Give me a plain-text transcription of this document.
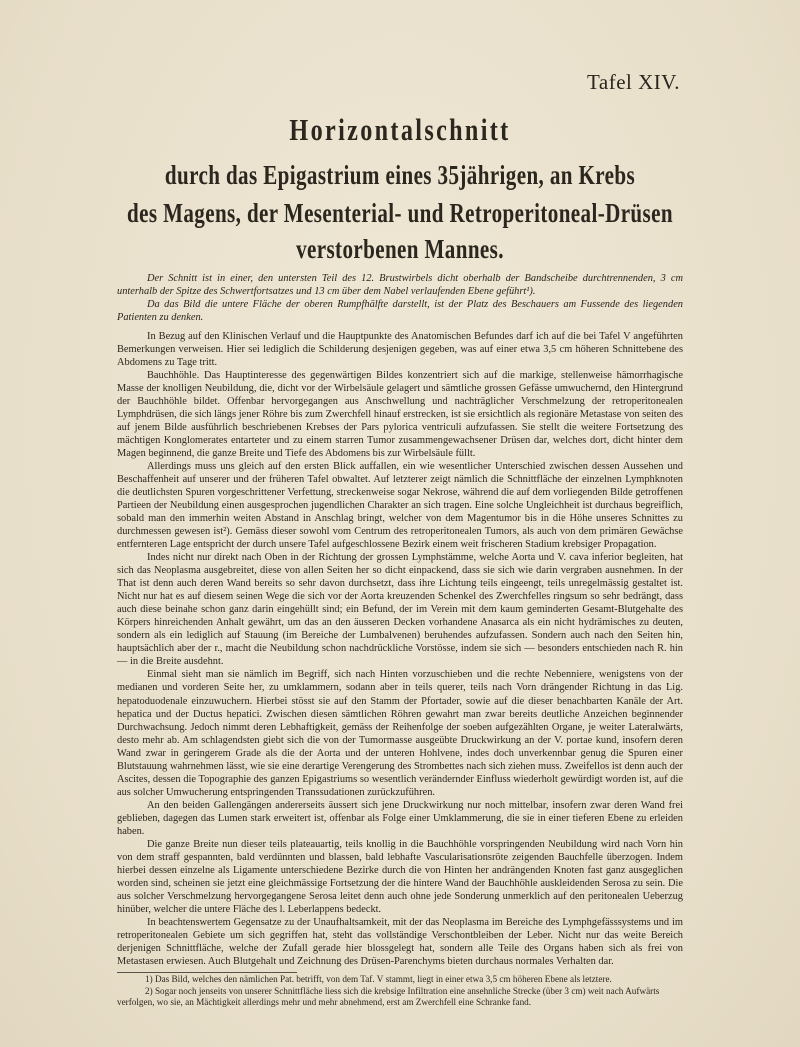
Tafel XIV.
Horizontalschnitt
durch das Epigastrium eines 35jährigen, an Krebs
des Magens, der Mesenterial- und Retroperitoneal-Drüsen
verstorbenen Mannes.

Der Schnitt ist in einer, den untersten Teil des 12. Brustwirbels dicht oberhalb der Bandscheibe durchtrennenden, 3 cm unterhalb der Spitze des Schwertfortsatzes und 13 cm über dem Nabel verlaufenden Ebene geführt¹).

Da das Bild die untere Fläche der oberen Rumpfhälfte darstellt, ist der Platz des Beschauers am Fussende des liegenden Patienten zu denken.

In Bezug auf den Klinischen Verlauf und die Hauptpunkte des Anatomischen Befundes darf ich auf die bei Tafel V angeführten Bemerkungen verweisen. Hier sei lediglich die Schilderung desjenigen gegeben, was auf einer etwa 3,5 cm höheren Schnittebene des Abdomens zu Tage tritt.

Bauchhöhle. Das Hauptinteresse des gegenwärtigen Bildes konzentriert sich auf die markige, stellenweise hämorrhagische Masse der knolligen Neubildung, die, dicht vor der Wirbelsäule gelagert und sämtliche grossen Gefässe umwuchernd, den Hintergrund der Bauchhöhle bildet. Offenbar hervorgegangen aus Anschwellung und nachträglicher Verschmelzung der retroperitonealen Lymphdrüsen, die sich längs jener Röhre bis zum Zwerchfell hinauf erstrecken, ist sie ersichtlich als regionäre Metastase von seiten des auf jenem Bilde ausführlich beschriebenen Krebses der Pars pylorica ventriculi aufzufassen. Sie stellt die weitere Fortsetzung des mächtigen Konglomerates entarteter und zu einem starren Tumor zusammengewachsener Drüsen dar, welches dort, dicht hinter dem Magen beginnend, die ganze Breite und Tiefe des Abdomens bis zur Wirbelsäule füllt.

Allerdings muss uns gleich auf den ersten Blick auffallen, ein wie wesentlicher Unterschied zwischen dessen Aussehen und Beschaffenheit auf unserer und der früheren Tafel obwaltet. Auf letzterer zeigt nämlich die Schnittfläche der einzelnen Lymphknoten die deutlichsten Spuren vorgeschrittener Verfettung, streckenweise sogar Nekrose, während die auf dem vorliegenden Bilde getroffenen Partieen der Neubildung einen ausgesprochen jugendlichen Charakter an sich tragen. Eine solche Ungleichheit ist durchaus begreiflich, sobald man den immerhin weiten Abstand in Anschlag bringt, welcher von dem Magentumor bis in die Höhe unseres Schnittes zu durchmessen gewesen ist²). Gemäss dieser sowohl vom Centrum des retroperitonealen Tumors, als auch von dem primären Gewächse entfernteren Lage entspricht der durch unsere Tafel aufgeschlossene Bezirk einem weit frischeren Stadium krebsiger Propagation.

Indes nicht nur direkt nach Oben in der Richtung der grossen Lymphstämme, welche Aorta und V. cava inferior begleiten, hat sich das Neoplasma ausgebreitet, diese von allen Seiten her so dicht einpackend, dass sie sich wie darin vergraben ausnehmen. In der That ist denn auch deren Wand bereits so sehr davon durchsetzt, dass ihre Lichtung teils eingeengt, teils unregelmässig gestaltet ist. Nicht nur hat es auf diesem seinen Wege die sich vor der Aorta kreuzenden Schenkel des Zwerchfelles ringsum so sehr bedrängt, dass auch diese beinahe schon ganz darin eingehüllt sind; ein Befund, der im Verein mit dem kaum geminderten Gesamt-Blutgehalte des Körpers hinreichenden Anhalt gewährt, um das an den äusseren Decken vorhandene Anasarca als ein nicht hydrämisches zu deuten, sondern als ein lediglich auf Stauung (im Bereiche der Lumbalvenen) beruhendes aufzufassen. Sondern auch nach den Seiten hin, hauptsächlich aber der r., macht die Neubildung schon nachdrückliche Vorstösse, indem sie sich — besonders entschieden nach R. hin — in die Breite ausdehnt.

Einmal sieht man sie nämlich im Begriff, sich nach Hinten vorzuschieben und die rechte Nebenniere, wenigstens von der medianen und vorderen Seite her, zu umklammern, sodann aber in teils querer, teils nach Vorn drängender Richtung in das Lig. hepatoduodenale einzuwuchern. Hierbei stösst sie auf den Stamm der Pfortader, sowie auf die dieser benachbarten Kanäle der Art. hepatica und der Ductus hepatici. Zwischen diesen sämtlichen Röhren gewahrt man zwar bereits deutliche Anzeichen beginnender Durchwachsung. Jedoch nimmt deren Lebhaftigkeit, gemäss der Reihenfolge der soeben aufgezählten Organe, je weiter Lateralwärts, desto mehr ab. Am schlagendsten giebt sich die von der Tumormasse ausgeübte Druckwirkung an der V. portae kund, insofern deren Wand zwar in geringerem Grade als die der Aorta und der unteren Hohlvene, indes doch unverkennbar genug die Spuren einer Blutstauung wahrnehmen lässt, wie sie eine derartige Verengerung des Strombettes nach sich ziehen muss. Zweifellos ist denn auch der Ascites, dessen die Topographie des ganzen Epigastriums so wesentlich verändernder Einfluss wiederholt gewürdigt worden ist, auf die aus solcher Umwucherung entspringenden Transsudationen zurückzuführen.

An den beiden Gallengängen andererseits äussert sich jene Druckwirkung nur noch mittelbar, insofern zwar deren Wand frei geblieben, dagegen das Lumen stark erweitert ist, offenbar als Folge einer Umklammerung, die sie in einer tieferen Ebene zu erleiden haben.

Die ganze Breite nun dieser teils plateauartig, teils knollig in die Bauchhöhle vorspringenden Neubildung wird nach Vorn hin von dem straff gespannten, bald verdünnten und blassen, bald lebhafte Vascularisationsröte zeigenden Bauchfelle überzogen. Indem hierbei dessen einzelne als Ligamente unterschiedene Bezirke durch die von Hinten her andrängenden Knoten fast ganz ausgeglichen worden sind, scheinen sie jetzt eine gleichmässige Fortsetzung der die hintere Wand der Bauchhöhle auskleidenden Serosa zu sein. Die aus solcher Verschmelzung hervorgegangene Serosa leitet denn auch ohne jede Sonderung unmerklich auf den peritonealen Ueberzug hinüber, welcher die untere Fläche des l. Leberlappens bedeckt.

In beachtenswertem Gegensatze zu der Unaufhaltsamkeit, mit der das Neoplasma im Bereiche des Lymphgefässsystems und im retroperitonealen Gebiete um sich gegriffen hat, steht das vollständige Verschontbleiben der Leber. Nicht nur das weite Bereich derjenigen Schnittfläche, welche der Zufall gerade hier blossgelegt hat, sondern alle Teile des Organs haben sich als frei von Metastasen erwiesen. Auch Blutgehalt und Zeichnung des Drüsen-Parenchyms bieten durchaus normales Verhalten dar.

1) Das Bild, welches den nämlichen Pat. betrifft, von dem Taf. V stammt, liegt in einer etwa 3,5 cm höheren Ebene als letztere.

2) Sogar noch jenseits von unserer Schnittfläche liess sich die krebsige Infiltration eine ansehnliche Strecke (über 3 cm) weit nach Aufwärts verfolgen, wo sie, an Mächtigkeit allerdings mehr und mehr abnehmend, erst am Zwerchfell eine Schranke fand.
